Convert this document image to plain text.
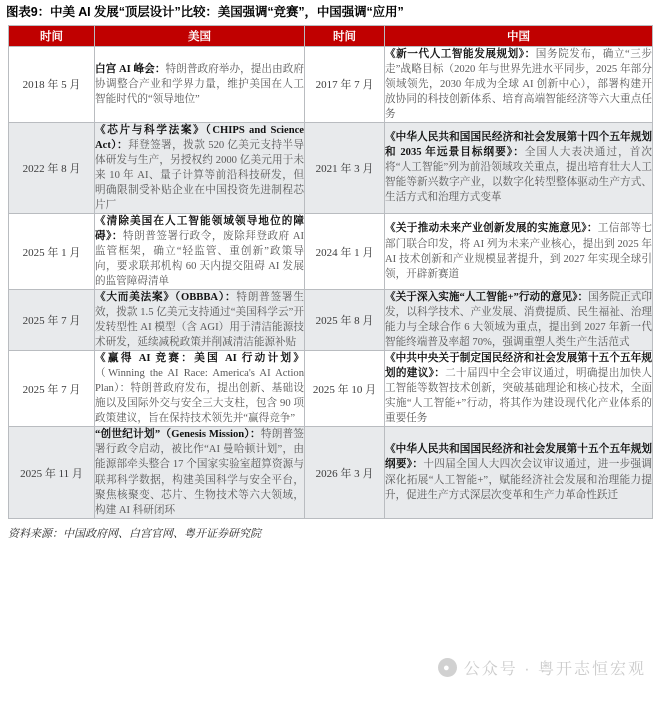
图表9：中美 AI 发展“顶层设计”比较：美国强调“竞赛”，中国强调“应用”
时间	美国	时间	中国
2018 年 5 月	白宫 AI 峰会：特朗普政府举办，提出由政府协调整合产业和学界力量，维护美国在人工智能时代的“领导地位”	2017 年 7 月	《新一代人工智能发展规划》：国务院发布，确立“三步走”战略目标（2020 年与世界先进水平同步，2025 年部分领域领先，2030 年成为全球 AI 创新中心），部署构建开放协同的科技创新体系、培育高端智能经济等六大重点任务
2022 年 8 月	《芯片与科学法案》（CHIPS and Science Act）：拜登签署，拨款 520 亿美元支持半导体研发与生产，另授权约 2000 亿美元用于未来 10 年 AI、量子计算等前沿科技研发，但明确限制受补贴企业在中国投资先进制程芯片厂	2021 年 3 月	《中华人民共和国国民经济和社会发展第十四个五年规划和 2035 年远景目标纲要》：全国人大表决通过，首次将“人工智能”列为前沿领域攻关重点，提出培育壮大人工智能等新兴数字产业，以数字化转型整体驱动生产方式、生活方式和治理方式变革
2025 年 1 月	《清除美国在人工智能领域领导地位的障碍》：特朗普签署行政令，废除拜登政府 AI 监管框架，确立“轻监管、重创新”政策导向，要求联邦机构 60 天内提交阻碍 AI 发展的监管障碍清单	2024 年 1 月	《关于推动未来产业创新发展的实施意见》：工信部等七部门联合印发，将 AI 列为未来产业核心，提出到 2025 年 AI 技术创新和产业规模显著提升，到 2027 年实现全球引领，开辟新赛道
2025 年 7 月	《大而美法案》（OBBBA）：特朗普签署生效，拨款 1.5 亿美元支持通过“美国科学云”开发转型性 AI 模型（含 AGI）用于清洁能源技术研发，延续减税政策并削减清洁能源补贴	2025 年 8 月	《关于深入实施“人工智能+”行动的意见》：国务院正式印发，以科学技术、产业发展、消费提质、民生福祉、治理能力与全球合作 6 大领域为重点，提出到 2027 年新一代智能终端普及率超 70%，强调重塑人类生产生活范式
2025 年 7 月	《赢得 AI 竞赛：美国 AI 行动计划》（Winning the AI Race: America's AI Action Plan）：特朗普政府发布，提出创新、基础设施以及国际外交与安全三大支柱，包含 90 项政策建议，旨在保持技术领先并“赢得竞争”	2025 年 10 月	《中共中央关于制定国民经济和社会发展第十五个五年规划的建议》：二十届四中全会审议通过，明确提出加快人工智能等数智技术创新，突破基础理论和核心技术，全面实施“人工智能+”行动，将其作为建设现代化产业体系的重要任务
2025 年 11 月	“创世纪计划”（Genesis Mission）：特朗普签署行政令启动，被比作“AI 曼哈顿计划”，由能源部牵头整合 17 个国家实验室超算资源与联邦科学数据，构建美国科学与安全平台，聚焦核聚变、芯片、生物技术等六大领域，构建 AI 科研闭环	2026 年 3 月	《中华人民共和国国民经济和社会发展第十五个五年规划纲要》：十四届全国人大四次会议审议通过，进一步强调深化拓展“人工智能+”，赋能经济社会发展和治理能力提升，促进生产方式深层次变革和生产力革命性跃迁
资料来源：中国政府网、白宫官网、粤开证券研究院
● 公众号 · 粤开志恒宏观
